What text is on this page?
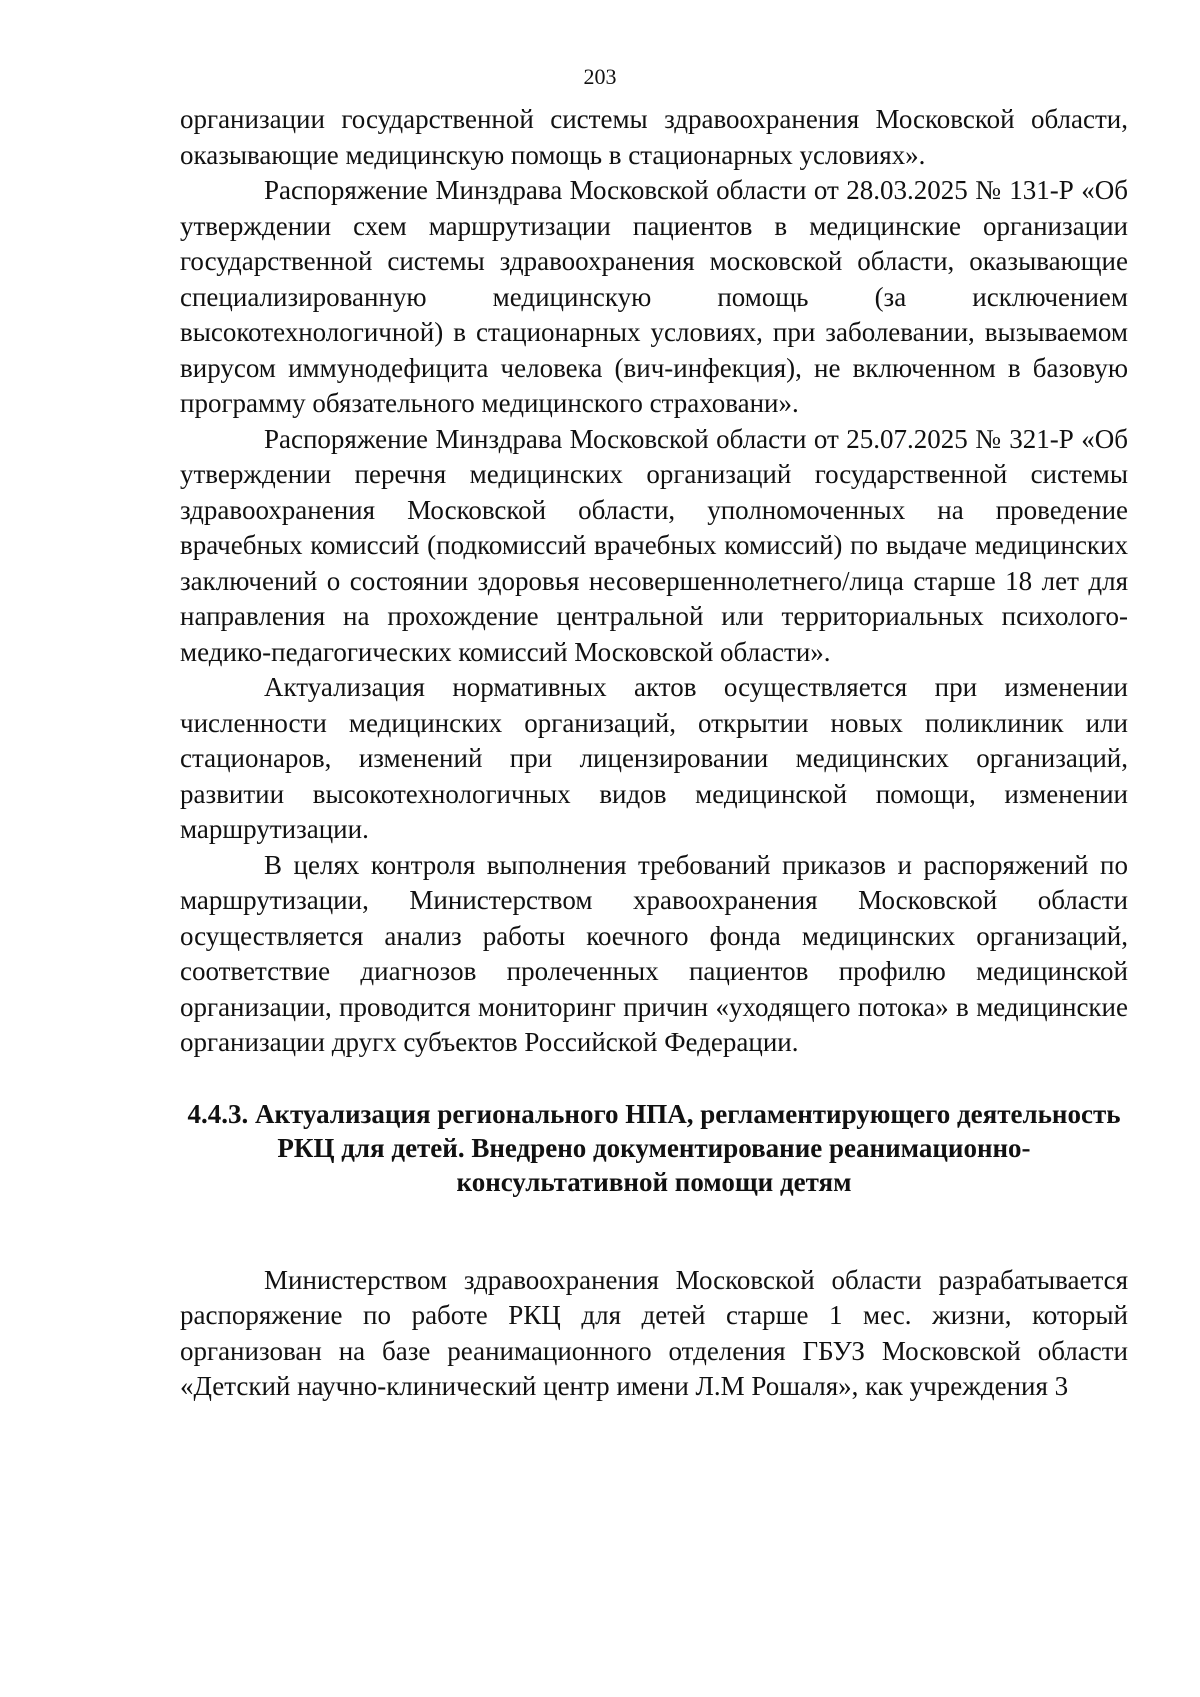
203

организации государственной системы здравоохранения Московской области, оказывающие медицинскую помощь в стационарных условиях».

Распоряжение Минздрава Московской области от 28.03.2025 № 131-Р «Об утверждении схем маршрутизации пациентов в медицинские организации государственной системы здравоохранения московской области, оказывающие специализированную медицинскую помощь (за исключением высокотехнологичной) в стационарных условиях, при заболевании, вызываемом вирусом иммунодефицита человека (вич-инфекция), не включенном в базовую программу обязательного медицинского страховани».

Распоряжение Минздрава Московской области от 25.07.2025 № 321-Р «Об утверждении перечня медицинских организаций государственной системы здравоохранения Московской области, уполномоченных на проведение врачебных комиссий (подкомиссий врачебных комиссий) по выдаче медицинских заключений о состоянии здоровья несовершеннолетнего/лица старше 18 лет для направления на прохождение центральной или территориальных психолого-медико-педагогических комиссий Московской области».

Актуализация нормативных актов осуществляется при изменении численности медицинских организаций, открытии новых поликлиник или стационаров, изменений при лицензировании медицинских организаций, развитии высокотехнологичных видов медицинской помощи, изменении маршрутизации.

В целях контроля выполнения требований приказов и распоряжений по маршрутизации, Министерством хравоохранения Московской области осуществляется анализ работы коечного фонда медицинских организаций, соответствие диагнозов пролеченных пациентов профилю медицинской организации, проводится мониторинг причин «уходящего потока» в медицинские организации другх субъектов Российской Федерации.

4.4.3. Актуализация регионального НПА, регламентирующего деятельность РКЦ для детей. Внедрено документирование реанимационно-консультативной помощи детям

Министерством здравоохранения Московской области разрабатывается распоряжение по работе РКЦ для детей старше 1 мес. жизни, который организован на базе реанимационного отделения ГБУЗ Московской области «Детский научно-клинический центр имени Л.М Рошаля», как учреждения 3
